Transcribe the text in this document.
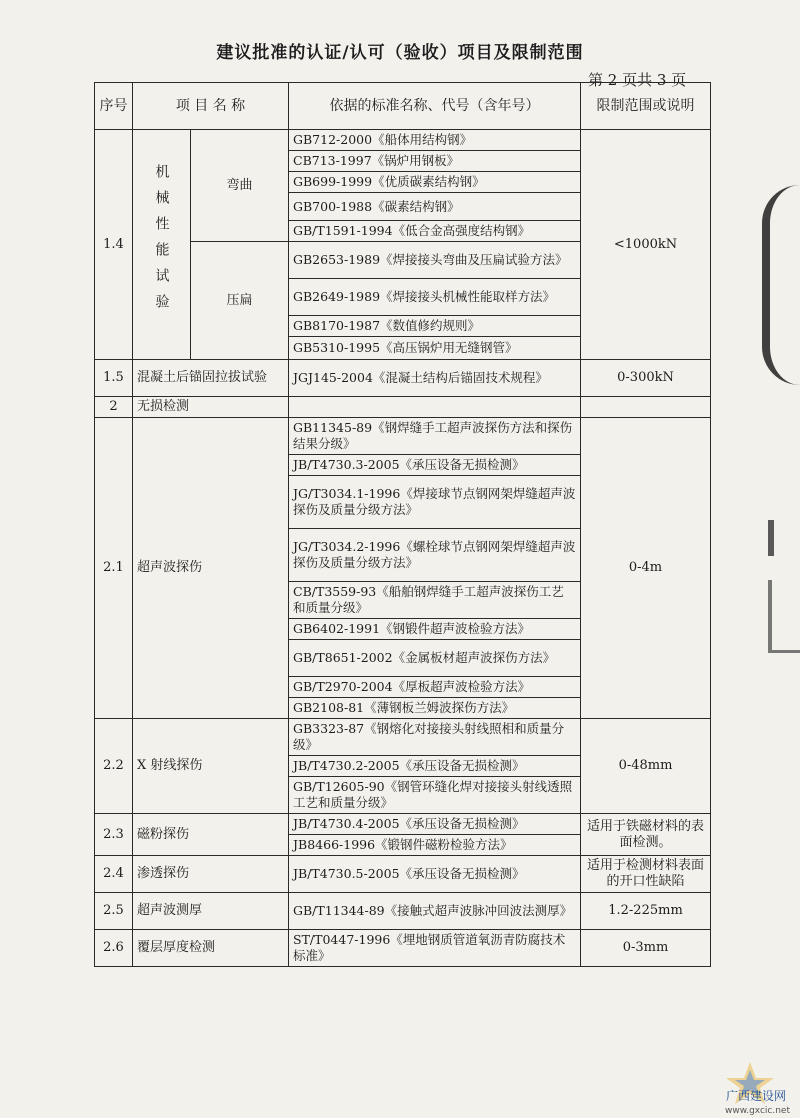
建议批准的认证/认可（验收）项目及限制范围
第 2 页共 3 页
序号	项 目 名 称		依据的标准名称、代号（含年号）	限制范围或说明
1.4	机械性能试验	弯曲	GB712-2000《船体用结构钢》	<1000kN
			CB713-1997《锅炉用钢板》	
			GB699-1999《优质碳素结构钢》	
			GB700-1988《碳素结构钢》	
			GB/T1591-1994《低合金高强度结构钢》	
		压扁	GB2653-1989《焊接接头弯曲及压扁试验方法》	
			GB2649-1989《焊接接头机械性能取样方法》	
			GB8170-1987《数值修约规则》	
			GB5310-1995《高压锅炉用无缝钢管》	
1.5	混凝土后锚固拉拔试验		JGJ145-2004《混凝土结构后锚固技术规程》	0-300kN
2	无损检测			
2.1	超声波探伤		GB11345-89《钢焊缝手工超声波探伤方法和探伤结果分级》	0-4m
			JB/T4730.3-2005《承压设备无损检测》	
			JG/T3034.1-1996《焊接球节点钢网架焊缝超声波探伤及质量分级方法》	
			JG/T3034.2-1996《螺栓球节点钢网架焊缝超声波探伤及质量分级方法》	
			CB/T3559-93《船舶钢焊缝手工超声波探伤工艺和质量分级》	
			GB6402-1991《钢锻件超声波检验方法》	
			GB/T8651-2002《金属板材超声波探伤方法》	
			GB/T2970-2004《厚板超声波检验方法》	
			GB2108-81《薄钢板兰姆波探伤方法》	
2.2	X 射线探伤		GB3323-87《钢熔化对接接头射线照相和质量分级》	0-48mm
			JB/T4730.2-2005《承压设备无损检测》	
			GB/T12605-90《钢管环缝化焊对接接头射线透照工艺和质量分级》	
2.3	磁粉探伤		JB/T4730.4-2005《承压设备无损检测》	适用于铁磁材料的表面检测。
			JB8466-1996《锻钢件磁粉检验方法》	
2.4	渗透探伤		JB/T4730.5-2005《承压设备无损检测》	适用于检测材料表面的开口性缺陷
2.5	超声波测厚		GB/T11344-89《接触式超声波脉冲回波法测厚》	1.2-225mm
2.6	覆层厚度检测		ST/T0447-1996《埋地钢质管道氧沥青防腐技术标准》	0-3mm
广西建设网
www.gxcic.net
